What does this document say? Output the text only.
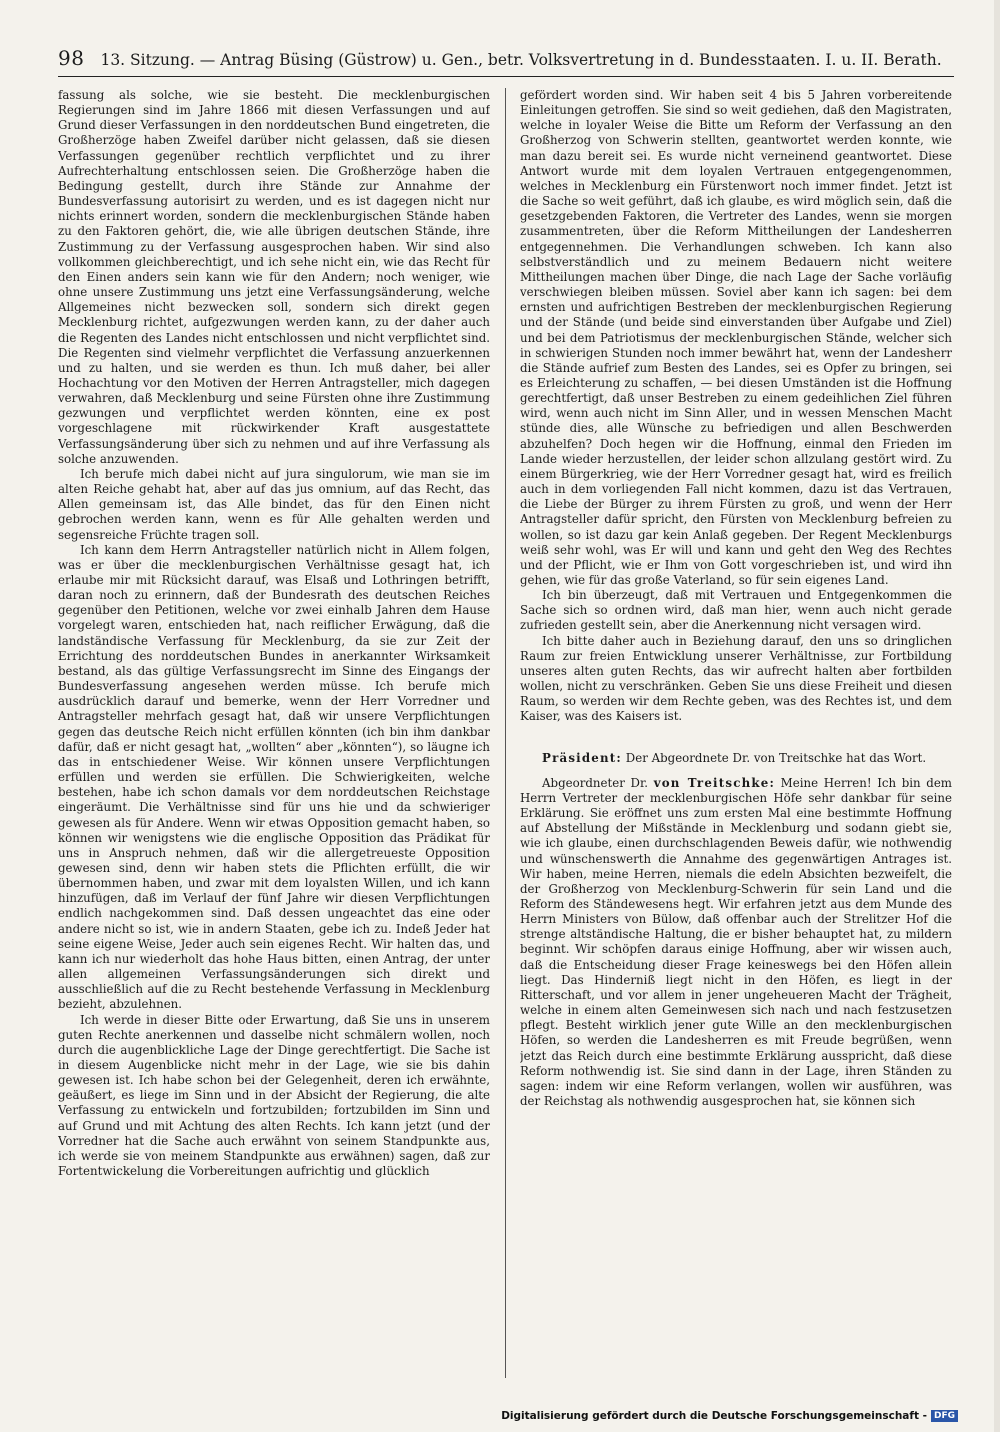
98 13. Sitzung. — Antrag Büsing (Güstrow) u. Gen., betr. Volksvertretung in d. Bundesstaaten. I. u. II. Berath.

fassung als solche, wie sie besteht. Die mecklenburgischen Regierungen sind im Jahre 1866 mit diesen Verfassungen und auf Grund dieser Verfassungen in den norddeutschen Bund eingetreten, die Großherzöge haben Zweifel darüber nicht gelassen, daß sie diesen Verfassungen gegenüber rechtlich verpflichtet und zu ihrer Aufrechterhaltung entschlossen seien. Die Großherzöge haben die Bedingung gestellt, durch ihre Stände zur Annahme der Bundesverfassung autorisirt zu werden, und es ist dagegen nicht nur nichts erinnert worden, sondern die mecklenburgischen Stände haben zu den Faktoren gehört, die, wie alle übrigen deutschen Stände, ihre Zustimmung zu der Verfassung ausgesprochen haben. Wir sind also vollkommen gleichberechtigt, und ich sehe nicht ein, wie das Recht für den Einen anders sein kann wie für den Andern; noch weniger, wie ohne unsere Zustimmung uns jetzt eine Verfassungsänderung, welche Allgemeines nicht bezwecken soll, sondern sich direkt gegen Mecklenburg richtet, aufgezwungen werden kann, zu der daher auch die Regenten des Landes nicht entschlossen und nicht verpflichtet sind. Die Regenten sind vielmehr verpflichtet die Verfassung anzuerkennen und zu halten, und sie werden es thun. Ich muß daher, bei aller Hochachtung vor den Motiven der Herren Antragsteller, mich dagegen verwahren, daß Mecklenburg und seine Fürsten ohne ihre Zustimmung gezwungen und verpflichtet werden könnten, eine ex post vorgeschlagene mit rückwirkender Kraft ausgestattete Verfassungsänderung über sich zu nehmen und auf ihre Verfassung als solche anzuwenden.

Ich berufe mich dabei nicht auf jura singulorum, wie man sie im alten Reiche gehabt hat, aber auf das jus omnium, auf das Recht, das Allen gemeinsam ist, das Alle bindet, das für den Einen nicht gebrochen werden kann, wenn es für Alle gehalten werden und segensreiche Früchte tragen soll.

Ich kann dem Herrn Antragsteller natürlich nicht in Allem folgen, was er über die mecklenburgischen Verhältnisse gesagt hat, ich erlaube mir mit Rücksicht darauf, was Elsaß und Lothringen betrifft, daran noch zu erinnern, daß der Bundesrath des deutschen Reiches gegenüber den Petitionen, welche vor zwei einhalb Jahren dem Hause vorgelegt waren, entschieden hat, nach reiflicher Erwägung, daß die landständische Verfassung für Mecklenburg, da sie zur Zeit der Errichtung des norddeutschen Bundes in anerkannter Wirksamkeit bestand, als das gültige Verfassungsrecht im Sinne des Eingangs der Bundesverfassung angesehen werden müsse. Ich berufe mich ausdrücklich darauf und bemerke, wenn der Herr Vorredner und Antragsteller mehrfach gesagt hat, daß wir unsere Verpflichtungen gegen das deutsche Reich nicht erfüllen könnten (ich bin ihm dankbar dafür, daß er nicht gesagt hat, „wollten“ aber „könnten“), so läugne ich das in entschiedener Weise. Wir können unsere Verpflichtungen erfüllen und werden sie erfüllen. Die Schwierigkeiten, welche bestehen, habe ich schon damals vor dem norddeutschen Reichstage eingeräumt. Die Verhältnisse sind für uns hie und da schwieriger gewesen als für Andere. Wenn wir etwas Opposition gemacht haben, so können wir wenigstens wie die englische Opposition das Prädikat für uns in Anspruch nehmen, daß wir die allergetreueste Opposition gewesen sind, denn wir haben stets die Pflichten erfüllt, die wir übernommen haben, und zwar mit dem loyalsten Willen, und ich kann hinzufügen, daß im Verlauf der fünf Jahre wir diesen Verpflichtungen endlich nachgekommen sind. Daß dessen ungeachtet das eine oder andere nicht so ist, wie in andern Staaten, gebe ich zu. Indeß Jeder hat seine eigene Weise, Jeder auch sein eigenes Recht. Wir halten das, und kann ich nur wiederholt das hohe Haus bitten, einen Antrag, der unter allen allgemeinen Verfassungsänderungen sich direkt und ausschließlich auf die zu Recht bestehende Verfassung in Mecklenburg bezieht, abzulehnen.

Ich werde in dieser Bitte oder Erwartung, daß Sie uns in unserem guten Rechte anerkennen und dasselbe nicht schmälern wollen, noch durch die augenblickliche Lage der Dinge gerechtfertigt. Die Sache ist in diesem Augenblicke nicht mehr in der Lage, wie sie bis dahin gewesen ist. Ich habe schon bei der Gelegenheit, deren ich erwähnte, geäußert, es liege im Sinn und in der Absicht der Regierung, die alte Verfassung zu entwickeln und fortzubilden; fortzubilden im Sinn und auf Grund und mit Achtung des alten Rechts. Ich kann jetzt (und der Vorredner hat die Sache auch erwähnt von seinem Standpunkte aus, ich werde sie von meinem Standpunkte aus erwähnen) sagen, daß zur Fortentwickelung die Vorbereitungen aufrichtig und glücklich

gefördert worden sind. Wir haben seit 4 bis 5 Jahren vorbereitende Einleitungen getroffen. Sie sind so weit gediehen, daß den Magistraten, welche in loyaler Weise die Bitte um Reform der Verfassung an den Großherzog von Schwerin stellten, geantwortet werden konnte, wie man dazu bereit sei. Es wurde nicht verneinend geantwortet. Diese Antwort wurde mit dem loyalen Vertrauen entgegengenommen, welches in Mecklenburg ein Fürstenwort noch immer findet. Jetzt ist die Sache so weit geführt, daß ich glaube, es wird möglich sein, daß die gesetzgebenden Faktoren, die Vertreter des Landes, wenn sie morgen zusammentreten, über die Reform Mittheilungen der Landesherren entgegennehmen. Die Verhandlungen schweben. Ich kann also selbstverständlich und zu meinem Bedauern nicht weitere Mittheilungen machen über Dinge, die nach Lage der Sache vorläufig verschwiegen bleiben müssen. Soviel aber kann ich sagen: bei dem ernsten und aufrichtigen Bestreben der mecklenburgischen Regierung und der Stände (und beide sind einverstanden über Aufgabe und Ziel) und bei dem Patriotismus der mecklenburgischen Stände, welcher sich in schwierigen Stunden noch immer bewährt hat, wenn der Landesherr die Stände aufrief zum Besten des Landes, sei es Opfer zu bringen, sei es Erleichterung zu schaffen, — bei diesen Umständen ist die Hoffnung gerechtfertigt, daß unser Bestreben zu einem gedeihlichen Ziel führen wird, wenn auch nicht im Sinn Aller, und in wessen Menschen Macht stünde dies, alle Wünsche zu befriedigen und allen Beschwerden abzuhelfen? Doch hegen wir die Hoffnung, einmal den Frieden im Lande wieder herzustellen, der leider schon allzulang gestört wird. Zu einem Bürgerkrieg, wie der Herr Vorredner gesagt hat, wird es freilich auch in dem vorliegenden Fall nicht kommen, dazu ist das Vertrauen, die Liebe der Bürger zu ihrem Fürsten zu groß, und wenn der Herr Antragsteller dafür spricht, den Fürsten von Mecklenburg befreien zu wollen, so ist dazu gar kein Anlaß gegeben. Der Regent Mecklenburgs weiß sehr wohl, was Er will und kann und geht den Weg des Rechtes und der Pflicht, wie er Ihm von Gott vorgeschrieben ist, und wird ihn gehen, wie für das große Vaterland, so für sein eigenes Land.

Ich bin überzeugt, daß mit Vertrauen und Entgegenkommen die Sache sich so ordnen wird, daß man hier, wenn auch nicht gerade zufrieden gestellt sein, aber die Anerkennung nicht versagen wird.

Ich bitte daher auch in Beziehung darauf, den uns so dringlichen Raum zur freien Entwicklung unserer Verhältnisse, zur Fortbildung unseres alten guten Rechts, das wir aufrecht halten aber fortbilden wollen, nicht zu verschränken. Geben Sie uns diese Freiheit und diesen Raum, so werden wir dem Rechte geben, was des Rechtes ist, und dem Kaiser, was des Kaisers ist.

Präsident: Der Abgeordnete Dr. von Treitschke hat das Wort.

Abgeordneter Dr. von Treitschke: Meine Herren! Ich bin dem Herrn Vertreter der mecklenburgischen Höfe sehr dankbar für seine Erklärung. Sie eröffnet uns zum ersten Mal eine bestimmte Hoffnung auf Abstellung der Mißstände in Mecklenburg und sodann giebt sie, wie ich glaube, einen durchschlagenden Beweis dafür, wie nothwendig und wünschenswerth die Annahme des gegenwärtigen Antrages ist. Wir haben, meine Herren, niemals die edeln Absichten bezweifelt, die der Großherzog von Mecklenburg-Schwerin für sein Land und die Reform des Ständewesens hegt. Wir erfahren jetzt aus dem Munde des Herrn Ministers von Bülow, daß offenbar auch der Strelitzer Hof die strenge altständische Haltung, die er bisher behauptet hat, zu mildern beginnt. Wir schöpfen daraus einige Hoffnung, aber wir wissen auch, daß die Entscheidung dieser Frage keineswegs bei den Höfen allein liegt. Das Hinderniß liegt nicht in den Höfen, es liegt in der Ritterschaft, und vor allem in jener ungeheueren Macht der Trägheit, welche in einem alten Gemeinwesen sich nach und nach festzusetzen pflegt. Besteht wirklich jener gute Wille an den mecklenburgischen Höfen, so werden die Landesherren es mit Freude begrüßen, wenn jetzt das Reich durch eine bestimmte Erklärung ausspricht, daß diese Reform nothwendig ist. Sie sind dann in der Lage, ihren Ständen zu sagen: indem wir eine Reform verlangen, wollen wir ausführen, was der Reichstag als nothwendig ausgesprochen hat, sie können sich

Digitalisierung gefördert durch die Deutsche Forschungsgemeinschaft - DFG
